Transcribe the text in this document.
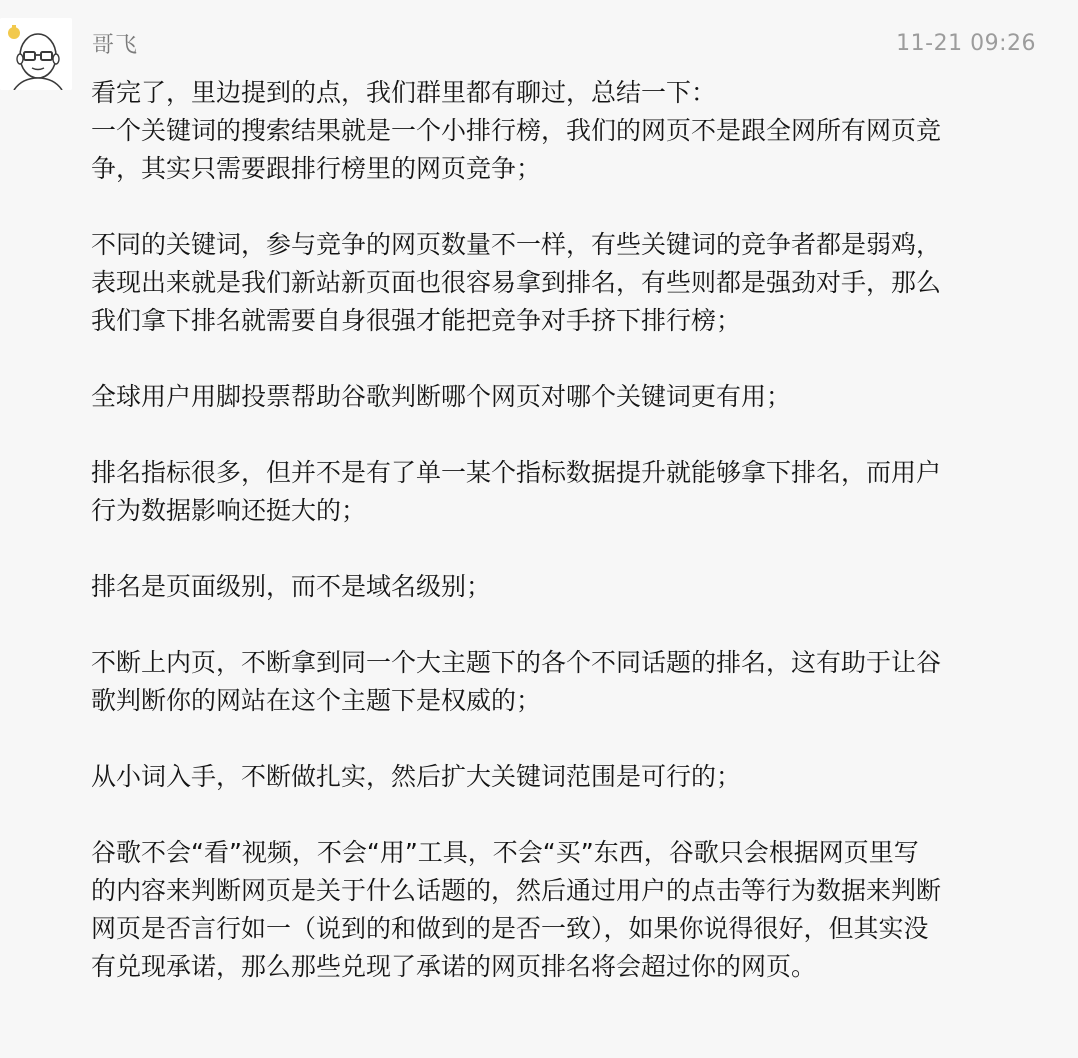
哥飞	11-21 09:26

看完了，里边提到的点，我们群里都有聊过，总结一下：
一个关键词的搜索结果就是一个小排行榜，我们的网页不是跟全网所有网页竞
争，其实只需要跟排行榜里的网页竞争；

不同的关键词，参与竞争的网页数量不一样，有些关键词的竞争者都是弱鸡，
表现出来就是我们新站新页面也很容易拿到排名，有些则都是强劲对手，那么
我们拿下排名就需要自身很强才能把竞争对手挤下排行榜；

全球用户用脚投票帮助谷歌判断哪个网页对哪个关键词更有用；

排名指标很多，但并不是有了单一某个指标数据提升就能够拿下排名，而用户
行为数据影响还挺大的；

排名是页面级别，而不是域名级别；

不断上内页，不断拿到同一个大主题下的各个不同话题的排名，这有助于让谷
歌判断你的网站在这个主题下是权威的；

从小词入手，不断做扎实，然后扩大关键词范围是可行的；

谷歌不会“看”视频，不会“用”工具，不会“买”东西，谷歌只会根据网页里写
的内容来判断网页是关于什么话题的，然后通过用户的点击等行为数据来判断
网页是否言行如一（说到的和做到的是否一致），如果你说得很好，但其实没
有兑现承诺，那么那些兑现了承诺的网页排名将会超过你的网页。
